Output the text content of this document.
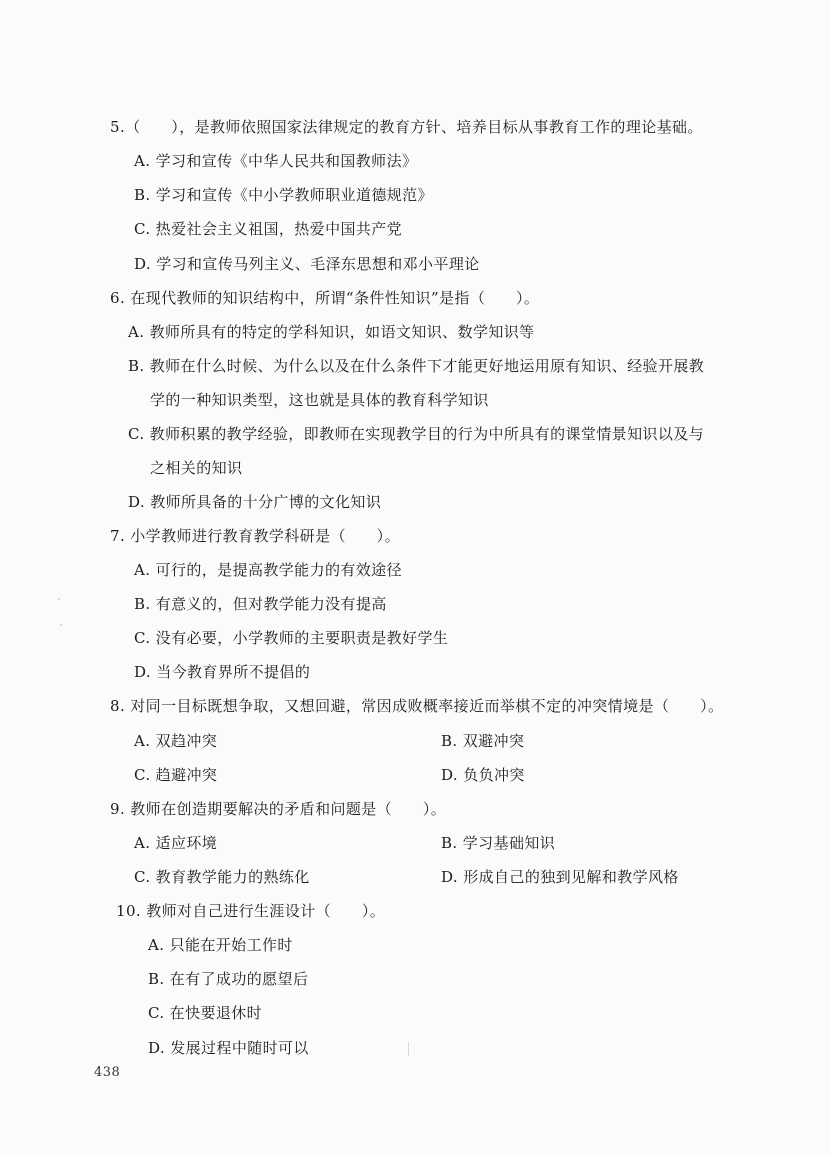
5.（　　），是教师依照国家法律规定的教育方针、培养目标从事教育工作的理论基础。
A. 学习和宣传《中华人民共和国教师法》
B. 学习和宣传《中小学教师职业道德规范》
C. 热爱社会主义祖国，热爱中国共产党
D. 学习和宣传马列主义、毛泽东思想和邓小平理论
6. 在现代教师的知识结构中，所谓“条件性知识”是指（　　）。
A. 教师所具有的特定的学科知识，如语文知识、数学知识等
B. 教师在什么时候、为什么以及在什么条件下才能更好地运用原有知识、经验开展教
学的一种知识类型，这也就是具体的教育科学知识
C. 教师积累的教学经验，即教师在实现教学目的行为中所具有的课堂情景知识以及与
之相关的知识
D. 教师所具备的十分广博的文化知识
7. 小学教师进行教育教学科研是（　　）。
A. 可行的，是提高教学能力的有效途径
B. 有意义的，但对教学能力没有提高
C. 没有必要，小学教师的主要职责是教好学生
D. 当今教育界所不提倡的
8. 对同一目标既想争取，又想回避，常因成败概率接近而举棋不定的冲突情境是（　　）。
A. 双趋冲突	B. 双避冲突
C. 趋避冲突	D. 负负冲突
9. 教师在创造期要解决的矛盾和问题是（　　）。
A. 适应环境	B. 学习基础知识
C. 教育教学能力的熟练化	D. 形成自己的独到见解和教学风格
10. 教师对自己进行生涯设计（　　）。
A. 只能在开始工作时
B. 在有了成功的愿望后
C. 在快要退休时
D. 发展过程中随时可以
438
